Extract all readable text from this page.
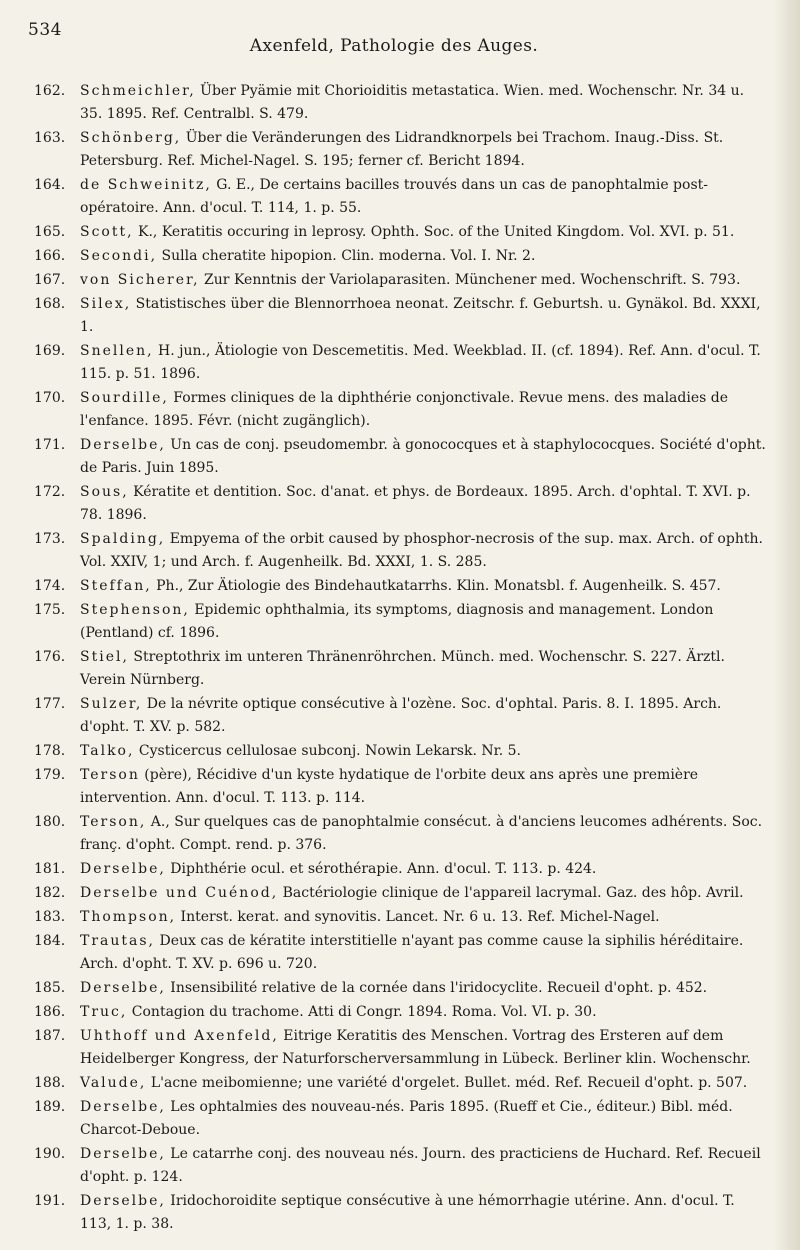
534
Axenfeld, Pathologie des Auges.
162. Schmeichler, Über Pyämie mit Chorioiditis metastatica. Wien. med. Wochenschr. Nr. 34 u. 35. 1895. Ref. Centralbl. S. 479.
163. Schönberg, Über die Veränderungen des Lidrandknorpels bei Trachom. Inaug.-Diss. St. Petersburg. Ref. Michel-Nagel. S. 195; ferner cf. Bericht 1894.
164. de Schweinitz, G. E., De certains bacilles trouvés dans un cas de panophtalmie post-opératoire. Ann. d'ocul. T. 114, 1. p. 55.
165. Scott, K., Keratitis occuring in leprosy. Ophth. Soc. of the United Kingdom. Vol. XVI. p. 51.
166. Secondi, Sulla cheratite hipopion. Clin. moderna. Vol. I. Nr. 2.
167. von Sicherer, Zur Kenntnis der Variolaparasiten. Münchener med. Wochenschrift. S. 793.
168. Silex, Statistisches über die Blennorrhoea neonat. Zeitschr. f. Geburtsh. u. Gynäkol. Bd. XXXI, 1.
169. Snellen, H. jun., Ätiologie von Descemetitis. Med. Weekblad. II. (cf. 1894). Ref. Ann. d'ocul. T. 115. p. 51. 1896.
170. Sourdille, Formes cliniques de la diphthérie conjonctivale. Revue mens. des maladies de l'enfance. 1895. Févr. (nicht zugänglich).
171. Derselbe, Un cas de conj. pseudomembr. à gonococques et à staphylococques. Société d'opht. de Paris. Juin 1895.
172. Sous, Kératite et dentition. Soc. d'anat. et phys. de Bordeaux. 1895. Arch. d'ophtal. T. XVI. p. 78. 1896.
173. Spalding, Empyema of the orbit caused by phosphor-necrosis of the sup. max. Arch. of ophth. Vol. XXIV, 1; und Arch. f. Augenheilk. Bd. XXXI, 1. S. 285.
174. Steffan, Ph., Zur Ätiologie des Bindehautkatarrhs. Klin. Monatsbl. f. Augenheilk. S. 457.
175. Stephenson, Epidemic ophthalmia, its symptoms, diagnosis and management. London (Pentland) cf. 1896.
176. Stiel, Streptothrix im unteren Thränenröhrchen. Münch. med. Wochenschr. S. 227. Ärztl. Verein Nürnberg.
177. Sulzer, De la névrite optique consécutive à l'ozène. Soc. d'ophtal. Paris. 8. I. 1895. Arch. d'opht. T. XV. p. 582.
178. Talko, Cysticercus cellulosae subconj. Nowin Lekarsk. Nr. 5.
179. Terson (père), Récidive d'un kyste hydatique de l'orbite deux ans après une première intervention. Ann. d'ocul. T. 113. p. 114.
180. Terson, A., Sur quelques cas de panophtalmie consécut. à d'anciens leucomes adhérents. Soc. franç. d'opht. Compt. rend. p. 376.
181. Derselbe, Diphthérie ocul. et sérothérapie. Ann. d'ocul. T. 113. p. 424.
182. Derselbe und Cuénod, Bactériologie clinique de l'appareil lacrymal. Gaz. des hôp. Avril.
183. Thompson, Interst. kerat. and synovitis. Lancet. Nr. 6 u. 13. Ref. Michel-Nagel.
184. Trautas, Deux cas de kératite interstitielle n'ayant pas comme cause la siphilis héréditaire. Arch. d'opht. T. XV. p. 696 u. 720.
185. Derselbe, Insensibilité relative de la cornée dans l'iridocyclite. Recueil d'opht. p. 452.
186. Truc, Contagion du trachome. Atti di Congr. 1894. Roma. Vol. VI. p. 30.
187. Uhthoff und Axenfeld, Eitrige Keratitis des Menschen. Vortrag des Ersteren auf dem Heidelberger Kongress, der Naturforscherversammlung in Lübeck. Berliner klin. Wochenschr.
188. Valude, L'acne meibomienne; une variété d'orgelet. Bullet. méd. Ref. Recueil d'opht. p. 507.
189. Derselbe, Les ophtalmies des nouveau-nés. Paris 1895. (Rueff et Cie., éditeur.) Bibl. méd. Charcot-Deboue.
190. Derselbe, Le catarrhe conj. des nouveau nés. Journ. des practiciens de Huchard. Ref. Recueil d'opht. p. 124.
191. Derselbe, Iridochoroidite septique consécutive à une hémorrhagie utérine. Ann. d'ocul. T. 113, 1. p. 38.
